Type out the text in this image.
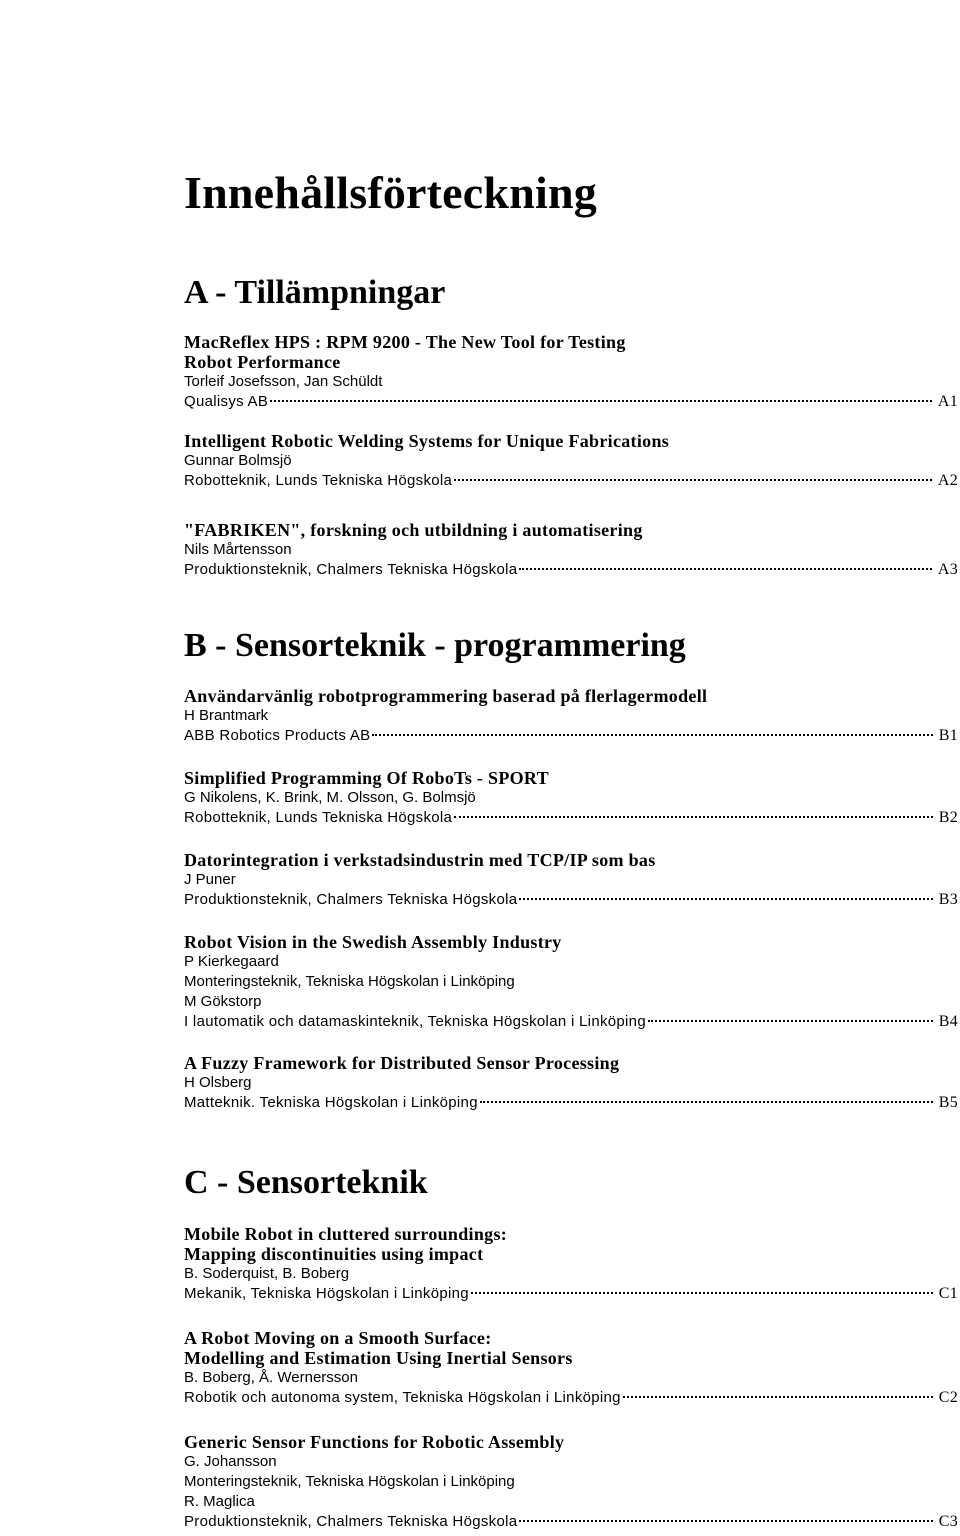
Innehållsförteckning
A - Tillämpningar
MacReflex HPS : RPM 9200 - The New Tool for Testing
Robot Performance
Torleif Josefsson, Jan Schüldt
Qualisys AB	A1
Intelligent Robotic Welding Systems for Unique Fabrications
Gunnar Bolmsjö
Robotteknik, Lunds Tekniska Högskola	A2
"FABRIKEN", forskning och utbildning i automatisering
Nils Mårtensson
Produktionsteknik, Chalmers Tekniska Högskola	A3
B - Sensorteknik - programmering
Användarvänlig robotprogrammering baserad på flerlagermodell
H Brantmark
ABB Robotics Products AB	B1
Simplified Programming Of RoboTs - SPORT
G Nikolens, K. Brink, M. Olsson, G. Bolmsjö
Robotteknik, Lunds Tekniska Högskola	B2
Datorintegration i verkstadsindustrin med TCP/IP som bas
J Puner
Produktionsteknik, Chalmers Tekniska Högskola	B3
Robot Vision in the Swedish Assembly Industry
P Kierkegaard
Monteringsteknik, Tekniska Högskolan i Linköping
M Gökstorp
I lautomatik och datamaskinteknik, Tekniska Högskolan i Linköping	B4
A Fuzzy Framework for Distributed Sensor Processing
H Olsberg
Matteknik. Tekniska Högskolan i Linköping	B5
C - Sensorteknik
Mobile Robot in cluttered surroundings:
Mapping discontinuities using impact
B. Soderquist, B. Boberg
Mekanik, Tekniska Högskolan i Linköping	C1
A Robot Moving on a Smooth Surface:
Modelling and Estimation Using Inertial Sensors
B. Boberg, Å. Wernersson
Robotik och autonoma system, Tekniska Högskolan i Linköping	C2
Generic Sensor Functions for Robotic Assembly
G. Johansson
Monteringsteknik, Tekniska Högskolan i Linköping
R. Maglica
Produktionsteknik, Chalmers Tekniska Högskola	C3
